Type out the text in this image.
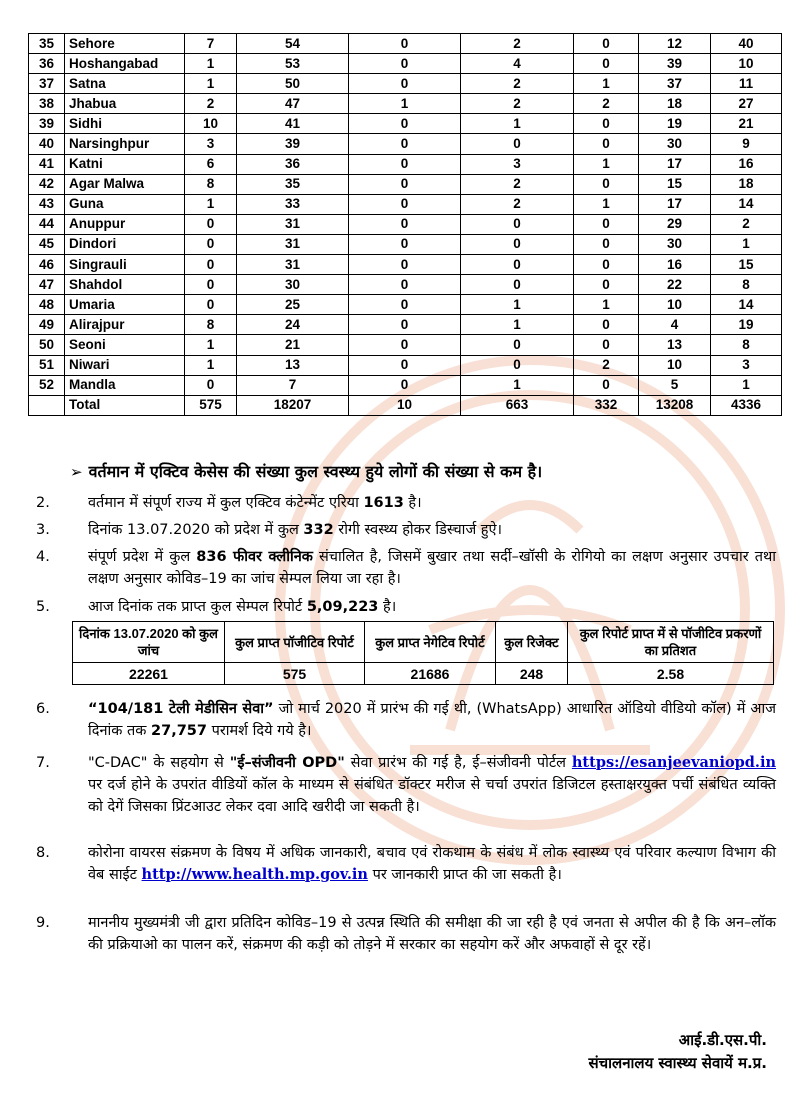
35	Sehore	7	54	0	2	0	12	40
36	Hoshangabad	1	53	0	4	0	39	10
37	Satna	1	50	0	2	1	37	11
38	Jhabua	2	47	1	2	2	18	27
39	Sidhi	10	41	0	1	0	19	21
40	Narsinghpur	3	39	0	0	0	30	9
41	Katni	6	36	0	3	1	17	16
42	Agar Malwa	8	35	0	2	0	15	18
43	Guna	1	33	0	2	1	17	14
44	Anuppur	0	31	0	0	0	29	2
45	Dindori	0	31	0	0	0	30	1
46	Singrauli	0	31	0	0	0	16	15
47	Shahdol	0	30	0	0	0	22	8
48	Umaria	0	25	0	1	1	10	14
49	Alirajpur	8	24	0	1	0	4	19
50	Seoni	1	21	0	0	0	13	8
51	Niwari	1	13	0	0	2	10	3
52	Mandla	0	7	0	1	0	5	1
	Total	575	18207	10	663	332	13208	4336
➢ वर्तमान में एक्टिव केसेस की संख्या कुल स्वस्थ्य हुये लोगों की संख्या से कम है।
2.	वर्तमान में संपूर्ण राज्य में कुल एक्टिव कंटेन्मेंट एरिया 1613 है।
3.	दिनांक 13.07.2020 को प्रदेश में कुल 332 रोगी स्वस्थ्य होकर डिस्चार्ज हुऐ।
4.	संपूर्ण प्रदेश में कुल 836 फीवर क्लीनिक संचालित है, जिसमें बुखार तथा सर्दी–खॉसी के रोगियो का लक्षण अनुसार उपचार तथा लक्षण अनुसार कोविड–19 का जांच सेम्पल लिया जा रहा है।
5.	आज दिनांक तक प्राप्त कुल सेम्पल रिपोर्ट 5,09,223 है।
दिनांक 13.07.2020 को कुल जांच	कुल प्राप्त पॉजीटिव रिपोर्ट	कुल प्राप्त नेगेटिव रिपोर्ट	कुल रिजेक्ट	कुल रिपोर्ट प्राप्त में से पॉजीटिव प्रकरणों का प्रतिशत
22261	575	21686	248	2.58
6.	“104/181 टेली मेडीसिन सेवा” जो मार्च 2020 में प्रारंभ की गई थी, (WhatsApp) आधारित ऑडियो वीडियो कॉल) में आज दिनांक तक 27,757 परामर्श दिये गये है।
7.	"C-DAC" के सहयोग से "ई–संजीवनी OPD" सेवा प्रारंभ की गई है, ई–संजीवनी पोर्टल https://esanjeevaniopd.in पर दर्ज होने के उपरांत वीडियों कॉल के माध्यम से संबंधित डॉक्टर मरीज से चर्चा उपरांत डिजिटल हस्ताक्षरयुक्त पर्ची संबंधित व्यक्ति को देगें जिसका प्रिंटआउट लेकर दवा आदि खरीदी जा सकती है।
8.	कोरोना वायरस संक्रमण के विषय में अधिक जानकारी, बचाव एवं रोकथाम के संबंध में लोक स्वास्थ्य एवं परिवार कल्याण विभाग की वेब साईट http://www.health.mp.gov.in पर जानकारी प्राप्त की जा सकती है।
9.	माननीय मुख्यमंत्री जी द्वारा प्रतिदिन कोविड–19 से उत्पन्न स्थिति की समीक्षा की जा रही है एवं जनता से अपील की है कि अन–लॉक की प्रक्रियाओ का पालन करें, संक्रमण की कड़ी को तोड़ने में सरकार का सहयोग करें और अफवाहों से दूर रहें।
आई.डी.एस.पी.
संचालनालय स्वास्थ्य सेवायें म.प्र.
